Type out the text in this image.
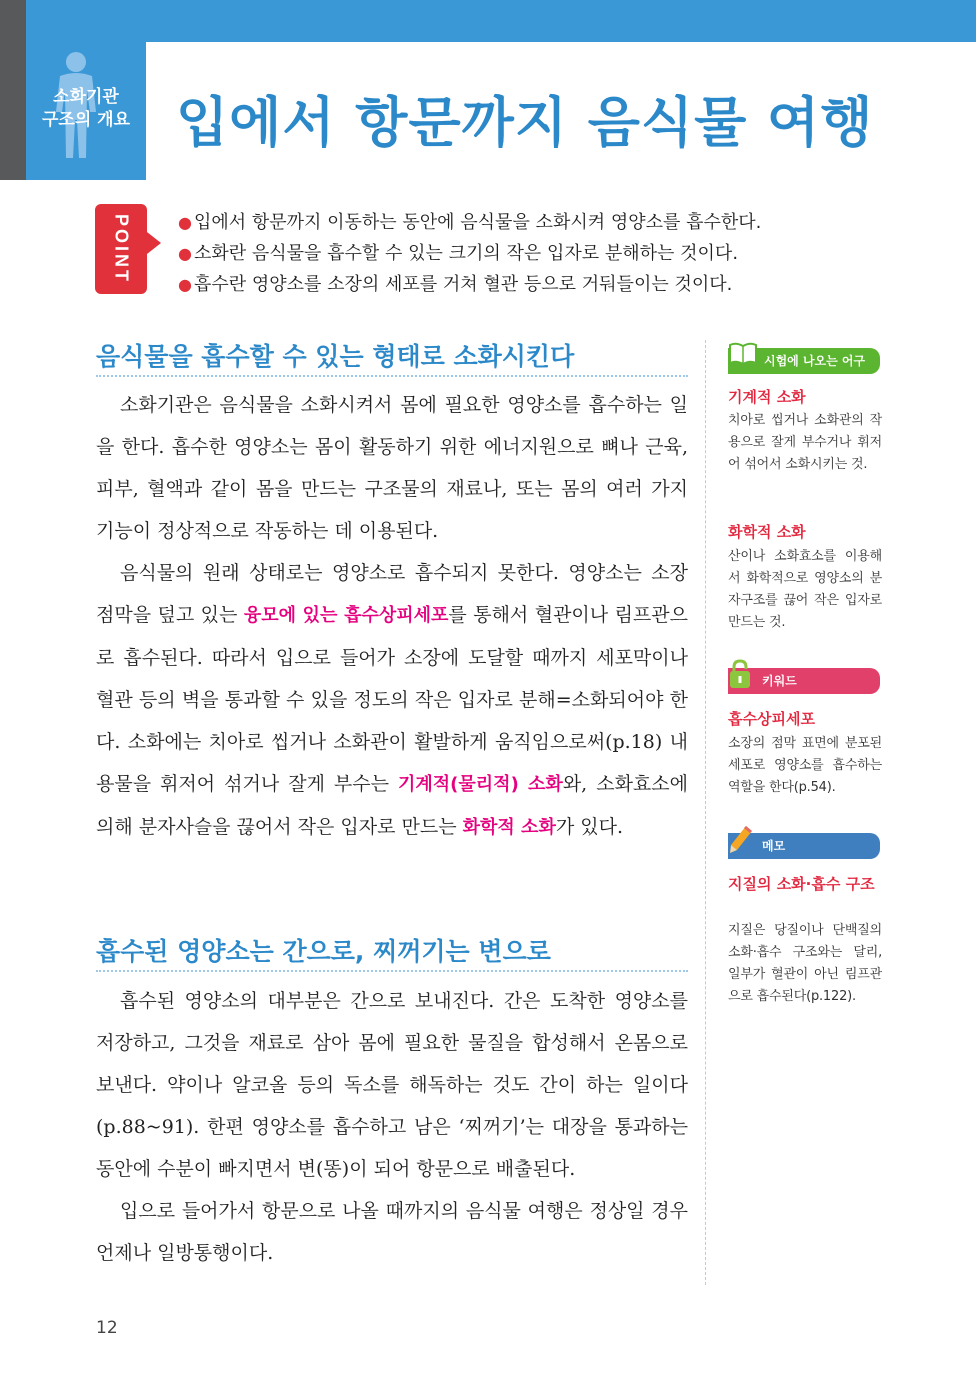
소화기관
구조의 개요 입에서 항문까지 음식물 여행
POINT	● 입에서 항문까지 이동하는 동안에 음식물을 소화시켜 영양소를 흡수한다.
● 소화란 음식물을 흡수할 수 있는 크기의 작은 입자로 분해하는 것이다.
● 흡수란 영양소를 소장의 세포를 거쳐 혈관 등으로 거둬들이는 것이다.
음식물을 흡수할 수 있는 형태로 소화시킨다

소화기관은 음식물을 소화시켜서 몸에 필요한 영양소를 흡수하는 일을 한다. 흡수한 영양소는 몸이 활동하기 위한 에너지원으로 뼈나 근육, 피부, 혈액과 같이 몸을 만드는 구조물의 재료나, 또는 몸의 여러 가지 기능이 정상적으로 작동하는 데 이용된다.

음식물의 원래 상태로는 영양소로 흡수되지 못한다. 영양소는 소장 점막을 덮고 있는 융모에 있는 흡수상피세포를 통해서 혈관이나 림프관으로 흡수된다. 따라서 입으로 들어가 소장에 도달할 때까지 세포막이나 혈관 등의 벽을 통과할 수 있을 정도의 작은 입자로 분해=소화되어야 한다. 소화에는 치아로 씹거나 소화관이 활발하게 움직임으로써(p.18) 내용물을 휘저어 섞거나 잘게 부수는 기계적(물리적) 소화와, 소화효소에 의해 분자사슬을 끊어서 작은 입자로 만드는 화학적 소화가 있다.

흡수된 영양소는 간으로, 찌꺼기는 변으로

흡수된 영양소의 대부분은 간으로 보내진다. 간은 도착한 영양소를 저장하고, 그것을 재료로 삼아 몸에 필요한 물질을 합성해서 온몸으로 보낸다. 약이나 알코올 등의 독소를 해독하는 것도 간이 하는 일이다(p.88~91). 한편 영양소를 흡수하고 남은 ‘찌꺼기’는 대장을 통과하는 동안에 수분이 빠지면서 변(똥)이 되어 항문으로 배출된다.

입으로 들어가서 항문으로 나올 때까지의 음식물 여행은 정상일 경우 언제나 일방통행이다.

시험에 나오는 어구
기계적 소화
치아로 씹거나 소화관의 작용으로 잘게 부수거나 휘저어 섞어서 소화시키는 것.
화학적 소화
산이나 소화효소를 이용해서 화학적으로 영양소의 분자구조를 끊어 작은 입자로 만드는 것.
키워드
흡수상피세포
소장의 점막 표면에 분포된 세포로 영양소를 흡수하는 역할을 한다(p.54).
메모
지질의 소화·흡수 구조
지질은 당질이나 단백질의 소화·흡수 구조와는 달리, 일부가 혈관이 아닌 림프관으로 흡수된다(p.122).
12
